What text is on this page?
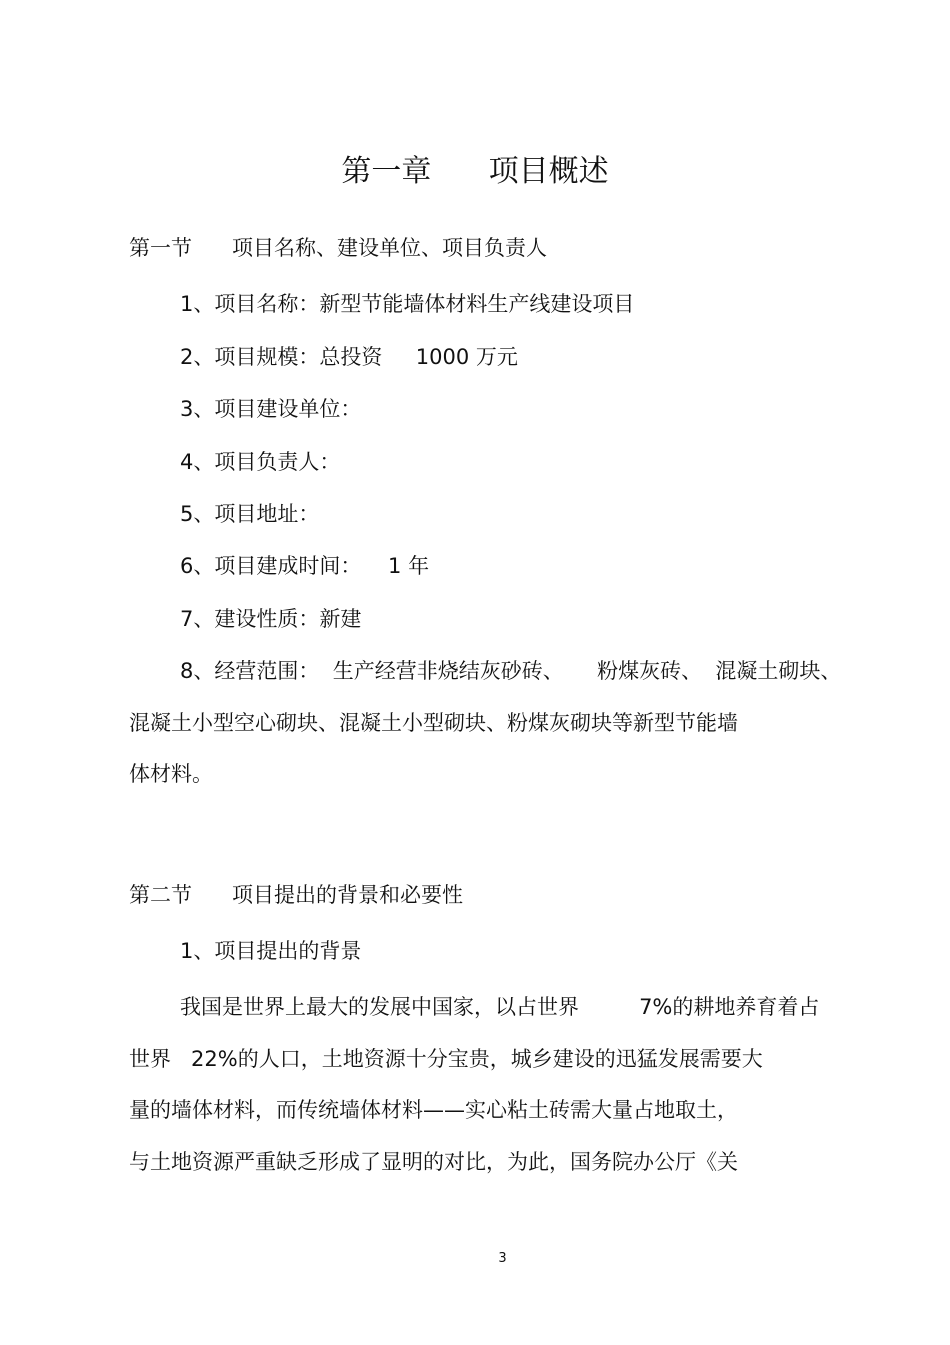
第一章      项目概述
第一节      项目名称、建设单位、项目负责人
1、项目名称：新型节能墙体材料生产线建设项目
2、项目规模：总投资     1000 万元
3、项目建设单位：
4、项目负责人：
5、项目地址：
6、项目建成时间：    1 年
7、建设性质：新建
8、经营范围：  生产经营非烧结灰砂砖、     粉煤灰砖、  混凝土砌块、
混凝土小型空心砌块、混凝土小型砌块、粉煤灰砌块等新型节能墙
体材料。
第二节      项目提出的背景和必要性
1、项目提出的背景
我国是世界上最大的发展中国家，以占世界         7%的耕地养育着占
世界   22%的人口，土地资源十分宝贵，城乡建设的迅猛发展需要大
量的墙体材料，而传统墙体材料——实心粘土砖需大量占地取土，
与土地资源严重缺乏形成了显明的对比，为此，国务院办公厅《关
3
